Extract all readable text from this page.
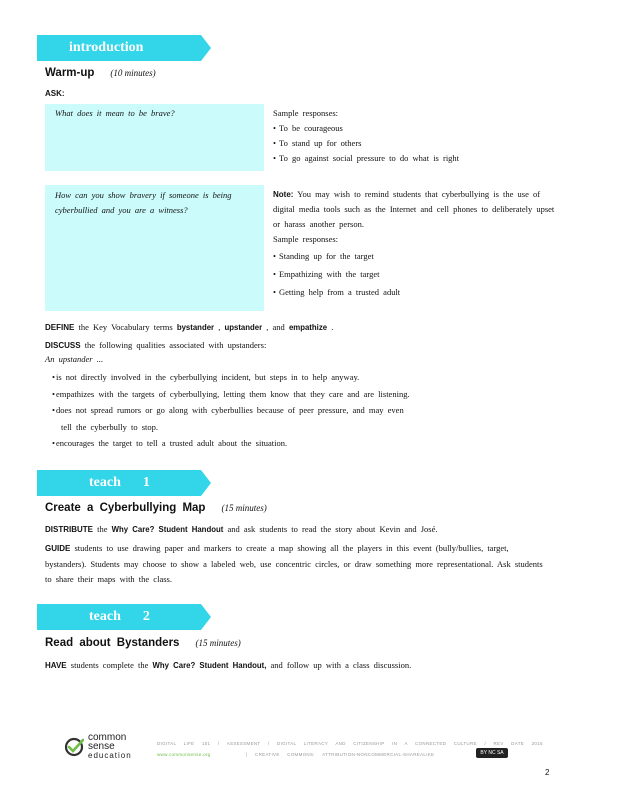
introduction
Warm-up (10 minutes)
ASK:
What does it mean to be brave?	Sample responses:
• To be courageous
• To stand up for others
• To go against social pressure to do what is right
How can you show bravery if someone is being cyberbullied and you are a witness?
Note: You may wish to remind students that cyberbullying is the use of digital media tools such as the Internet and cell phones to deliberately upset or harass another person.
Sample responses:
• Standing up for the target
• Empathizing with the target
• Getting help from a trusted adult
DEFINE the Key Vocabulary terms bystander , upstander , and empathize .
DISCUSS the following qualities associated with upstanders:
An upstander ...
• is not directly involved in the cyberbullying incident, but steps in to help anyway.
• empathizes with the targets of cyberbullying, letting them know that they care and are listening.
• does not spread rumors or go along with cyberbullies because of peer pressure, and may even
tell the cyberbully to stop.
• encourages the target to tell a trusted adult about the situation.
teach 1
Create a Cyberbullying Map (15 minutes)
DISTRIBUTE the Why Care? Student Handout and ask students to read the story about Kevin and José.
GUIDE students to use drawing paper and markers to create a map showing all the players in this event (bully/bullies, target, bystanders). Students may choose to show a labeled web, use concentric circles, or draw something more representational. Ask students to share their maps with the class.
teach 2
Read about Bystanders (15 minutes)
HAVE students complete the Why Care? Student Handout, and follow up with a class discussion.
common
sense
education
DIGITAL LIFE 101 / ASSESSMENT / DIGITAL LITERACY AND CITIZENSHIP IN A CONNECTED CULTURE / REV DATE 2015
www.commonsense.org	| CREATIVE COMMONS: ATTRIBUTION-NONCOMMERCIAL-SHAREALIKE	BY NC SA
2
